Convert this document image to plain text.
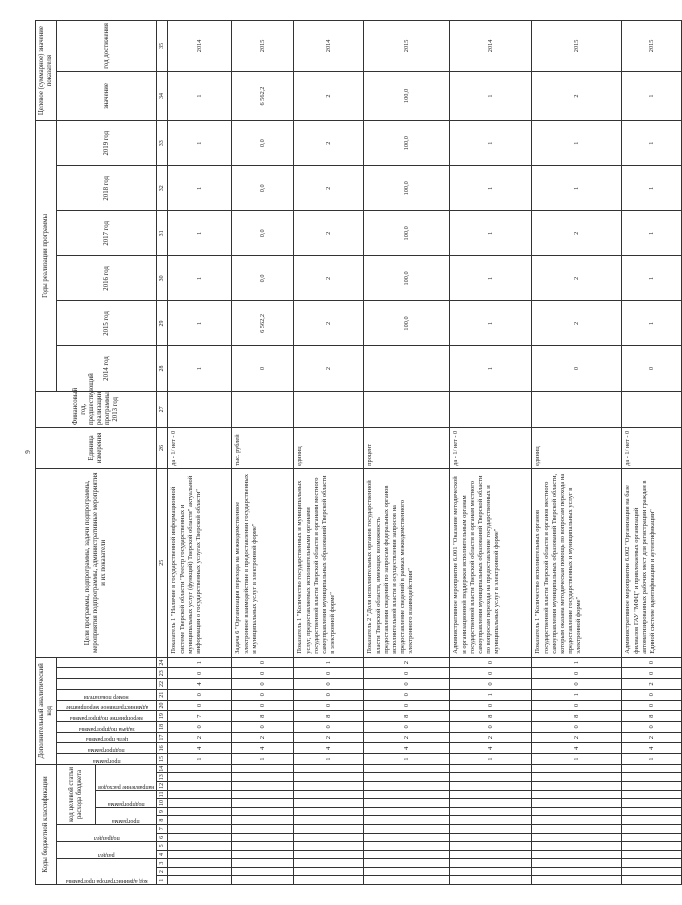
9
Коды бюджетной классификации														Дополнительный аналитический код										Цели программы, подпрограммы, задачи подпрограммы, мероприятия подпрограммы, административные мероприятия и их показатели	Единица измерения	Финансовый год, предшествующий реализации программы, 2013 год	Годы реализации программы						Целевое (суммарное) значение показателя	

код администратора программы			раздел		подраздел		код целевой статьи расхода бюджета							программа	подпрограмма	цель программы	задача подпрограммы	мероприятие подпрограммы	административное мероприятие	номер показателя							2014 год	2015 год	2016 год	2017 год	2018 год	2019 год	значение	год достижения

							программа		подпрограмма		направление расходов																							

1	2	3	4	5	6	7	8	9	10	11	12	13	14	15	16	17	18	19	20	21	22	23	24	25	26	27	28	29	30	31	32	33	34	35
														1	4	2	0	7	0	0	4	0	1	Показатель 1 "Наличие в государственной информационной системе Тверской области "Реестр государственных и муниципальных услуг (функций) Тверской области" актуальной информации о государственных услугах Тверской области"	да - 1/ нет - 0		1	1	1	1	1	1	1	2014
														1	4	2	0	8	0	0	0	0	0	Задача 6 "Организация перехода на межведомственное электронное взаимодействие в предоставлении государственных и муниципальных услуг в электронной форме"	тыс. рублей		0	6 562,2	0,0	0,0	0,0	0,0	6 562,2	2015
														1	4	2	0	8	0	0	0	0	1	Показатель 1 "Количество государственных и муниципальных услуг, предоставляемых исполнительными органами государственной власти Тверской области и органами местного самоуправления муниципальных образований Тверской области в электронной форме"	единиц		2	2	2	2	2	2	2	2014
														1	4	2	0	8	0	0	0	0	2	Показатель 2 "Доля исполнительных органов государственной власти Тверской области, имеющих возможность предоставления сведений по запросам федеральных органов исполнительной власти и осуществления запросов на предоставление сведений в рамках межведомственного электронного взаимодействия"	процент			100,0	100,0	100,0	100,0	100,0	100,0	2015
														1	4	2	0	8	0	1	0	0	0	Административное мероприятие 6.001 "Оказание методической и организационной поддержки исполнительным органам государственной власти Тверской области и органам местного самоуправления муниципальных образований Тверской области по вопросам перехода на предоставление государственных и муниципальных услуг в электронной форме"	да - 1/ нет - 0		1	1	1	1	1	1	1	2014
														1	4	2	0	8	0	1	0	0	1	Показатель 1 "Количество исполнительных органов государственной власти Тверской области и органов местного самоуправления муниципальных образований Тверской области, которым оказана методическая помощь по вопросам перехода на предоставление государственных и муниципальных услуг в электронной форме"	единиц		0	2	2	2	1	1	2	2015
														1	4	2	0	8	0	0	2	0	0	Административное мероприятие 6.002 "Организация на базе филиалов ГАУ "МФЦ" и привлекаемых организаций автоматизированных рабочих мест для регистрации граждан в Единой системе идентификации и аутентификации"	да - 1/ нет - 0		0	1	1	1	1	1	1	2015
